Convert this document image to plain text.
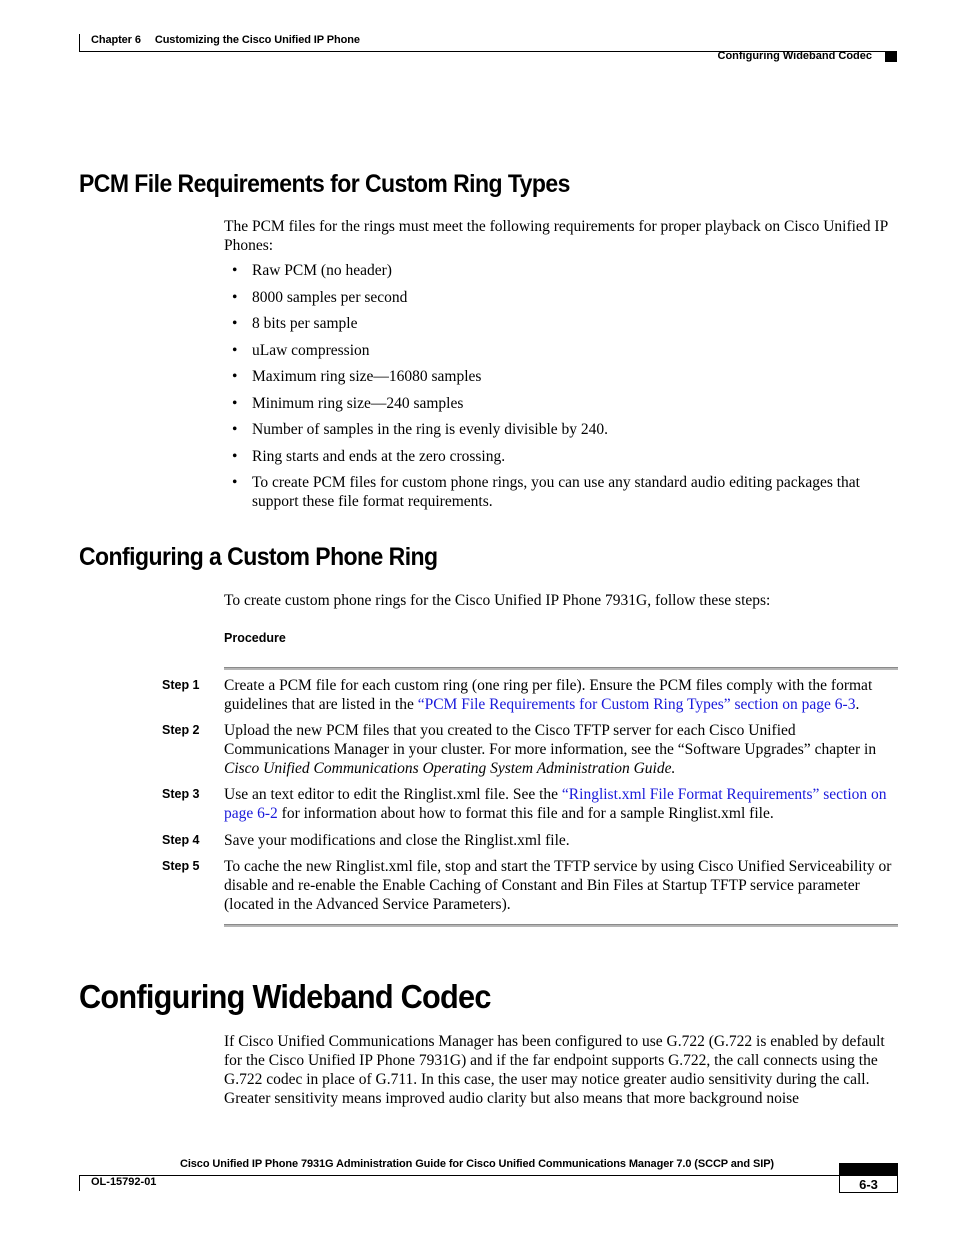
Chapter 6 Customizing the Cisco Unified IP Phone
Configuring Wideband Codec
PCM File Requirements for Custom Ring Types
The PCM files for the rings must meet the following requirements for proper playback on Cisco Unified IP Phones:
• Raw PCM (no header)
• 8000 samples per second
• 8 bits per sample
• uLaw compression
• Maximum ring size—16080 samples
• Minimum ring size—240 samples
• Number of samples in the ring is evenly divisible by 240.
• Ring starts and ends at the zero crossing.
• To create PCM files for custom phone rings, you can use any standard audio editing packages that support these file format requirements.
Configuring a Custom Phone Ring
To create custom phone rings for the Cisco Unified IP Phone 7931G, follow these steps:
Procedure
Step 1 Create a PCM file for each custom ring (one ring per file). Ensure the PCM files comply with the format guidelines that are listed in the “PCM File Requirements for Custom Ring Types” section on page 6-3.
Step 2 Upload the new PCM files that you created to the Cisco TFTP server for each Cisco Unified Communications Manager in your cluster. For more information, see the “Software Upgrades” chapter in Cisco Unified Communications Operating System Administration Guide.
Step 3 Use an text editor to edit the Ringlist.xml file. See the “Ringlist.xml File Format Requirements” section on page 6-2 for information about how to format this file and for a sample Ringlist.xml file.
Step 4 Save your modifications and close the Ringlist.xml file.
Step 5 To cache the new Ringlist.xml file, stop and start the TFTP service by using Cisco Unified Serviceability or disable and re-enable the Enable Caching of Constant and Bin Files at Startup TFTP service parameter (located in the Advanced Service Parameters).
Configuring Wideband Codec
If Cisco Unified Communications Manager has been configured to use G.722 (G.722 is enabled by default for the Cisco Unified IP Phone 7931G) and if the far endpoint supports G.722, the call connects using the G.722 codec in place of G.711. In this case, the user may notice greater audio sensitivity during the call. Greater sensitivity means improved audio clarity but also means that more background noise
Cisco Unified IP Phone 7931G Administration Guide for Cisco Unified Communications Manager 7.0 (SCCP and SIP)
OL-15792-01	6-3
